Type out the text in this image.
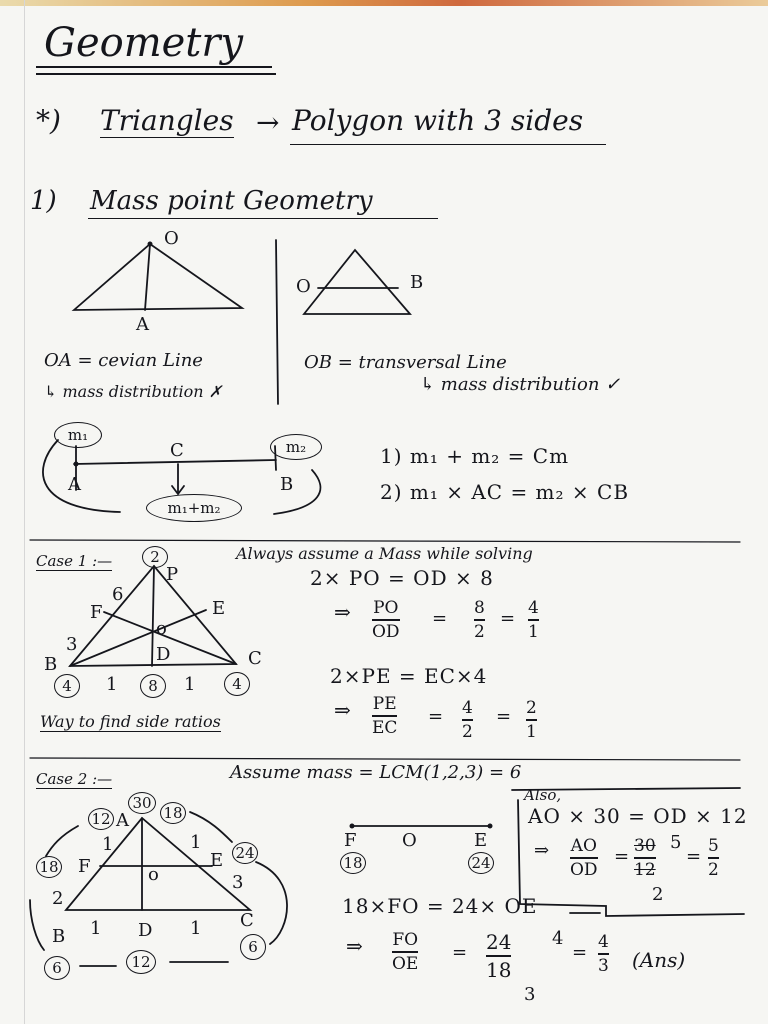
Geometry
*) Triangles → Polygon with 3 sides
1) Mass point Geometry
O
A
O	B
OA = cevian Line
↳ mass distribution ✗
OB = transversal Line
↳ mass distribution ✓
m₁
m₂
C
A	B
m₁+m₂
1) m₁ + m₂ = Cm
2) m₁ × AC = m₂ × CB
Case 1 :—	Always assume a Mass while solving
2
P
6
F	E
3
o
D
B	C
4	1	8	1	4
Way to find side ratios
2× PO = OD × 8
⇒ PO
OD
= 8
2
= 4
1
2×PE = EC×4
⇒ PE
EC
= 4
2
= 2
1
Case 2 :—	Assume mass = LCM(1,2,3) = 6
30
12 A 18
1	1
18 F	o
E 24
3
2
B 1 D 1 C
6	12
6
F	O	E
18	24
Also,
AO × 30 = OD × 12
⇒ AO
OD
= 30
12
5
2
= 5
2
18×FO = 24× OE
⇒ FO
OE
= 24
18
4
3
= 4
3 (Ans)
